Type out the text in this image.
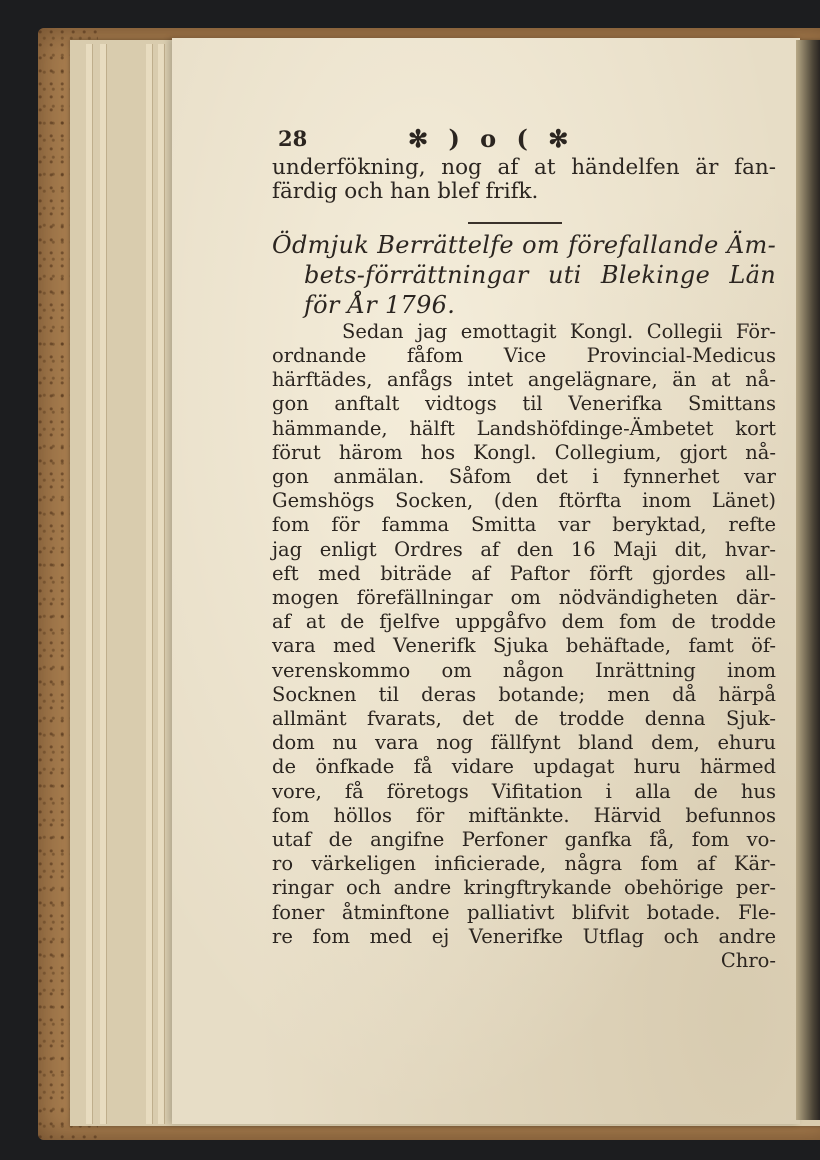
28	✻ ) o ( ✻
underfökning, nog af at händelfen är fan-
färdig och han blef frifk.
Ödmjuk Berrättelfe om förefallande Äm-
bets-förrättningar uti Blekinge Län
för År 1796.
Sedan jag emottagit Kongl. Collegii För-
ordnande fåfom Vice Provincial-Medicus
härftädes, anfågs intet angelägnare, än at nå-
gon anftalt vidtogs til Venerifka Smittans
hämmande, hälft Landshöfdinge-Ämbetet kort
förut härom hos Kongl. Collegium, gjort nå-
gon anmälan. Såfom det i fynnerhet var
Gemshögs Socken, (den ftörfta inom Länet)
fom för famma Smitta var beryktad, refte
jag enligt Ordres af den 16 Maji dit, hvar-
eft med biträde af Paftor förft gjordes all-
mogen förefällningar om nödvändigheten där-
af at de fjelfve uppgåfvo dem fom de trodde
vara med Venerifk Sjuka behäftade, famt öf-
verenskommo om någon Inrättning inom
Socknen til deras botande; men då härpå
allmänt fvarats, det de trodde denna Sjuk-
dom nu vara nog fällfynt bland dem, ehuru
de önfkade få vidare updagat huru härmed
vore, få företogs Vifitation i alla de hus
fom höllos för miftänkte. Härvid befunnos
utaf de angifne Perfoner ganfka få, fom vo-
ro värkeligen inficierade, några fom af Kär-
ringar och andre kringftrykande obehörige per-
foner åtminftone palliativt blifvit botade. Fle-
re fom med ej Venerifke Utflag och andre
Chro-
